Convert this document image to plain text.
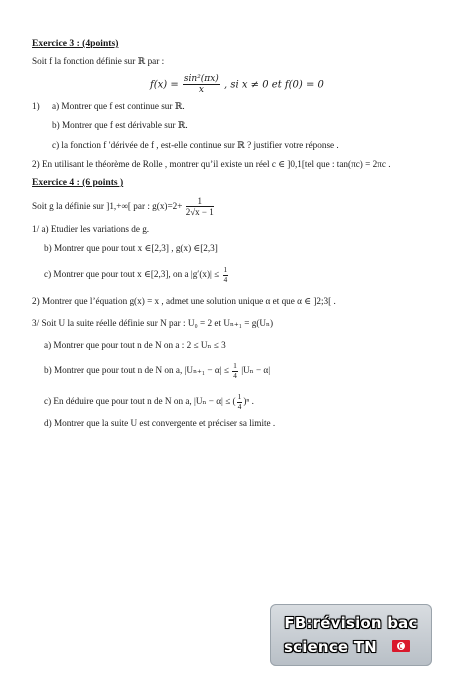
Exercice 3 : (4points)
Soit f la fonction définie sur ℝ par :
$f(x) = \frac{\text{sin²(πx)}}{x}$ , si x ≠ 0 et f(0) = 0
1) a) Montrer que f est continue sur ℝ.
b) Montrer que f est dérivable sur ℝ.
c) la fonction f ′dérivée de f , est-elle continue sur ℝ ? justifier votre réponse .
2) En utilisant le théorème de Rolle , montrer qu’il existe un réel c ∈ ]0,1[tel que : tan(πc) = 2πc .
Exercice 4 : (6 points )
Soit g la définie sur ]1,+∞[ par : $g(x)=2+ \frac{1}{2√x - 1}$
1/ a) Etudier les variations de g.
b) Montrer que pour tout x ∈[2,3] , g(x) ∈[2,3]
c) Montrer que pour tout x ∈[2,3], on a $|g'(x)| \le \frac{1}{4}$
2) Montrer que l’équation g(x) = x , admet une solution unique α et que α ∈ ]2;3[ .
3/ Soit U la suite réelle définie sur N par : U₀ = 2 et Uₙ₊₁ = g(Uₙ)
a) Montrer que pour tout n de N on a : 2 ≤ Uₙ ≤ 3
b) Montrer que pour tout n de N on a, $|U_{n+1} - \alpha| \le \frac{1}{4} |U_n - \alpha|$
c) En déduire que pour tout n de N on a, |Uₙ − α| ≤ ( $\frac{1}{4} )^n$ .
d) Montrer que la suite U est convergente et préciser sa limite .
FB:révision bac
science TN
